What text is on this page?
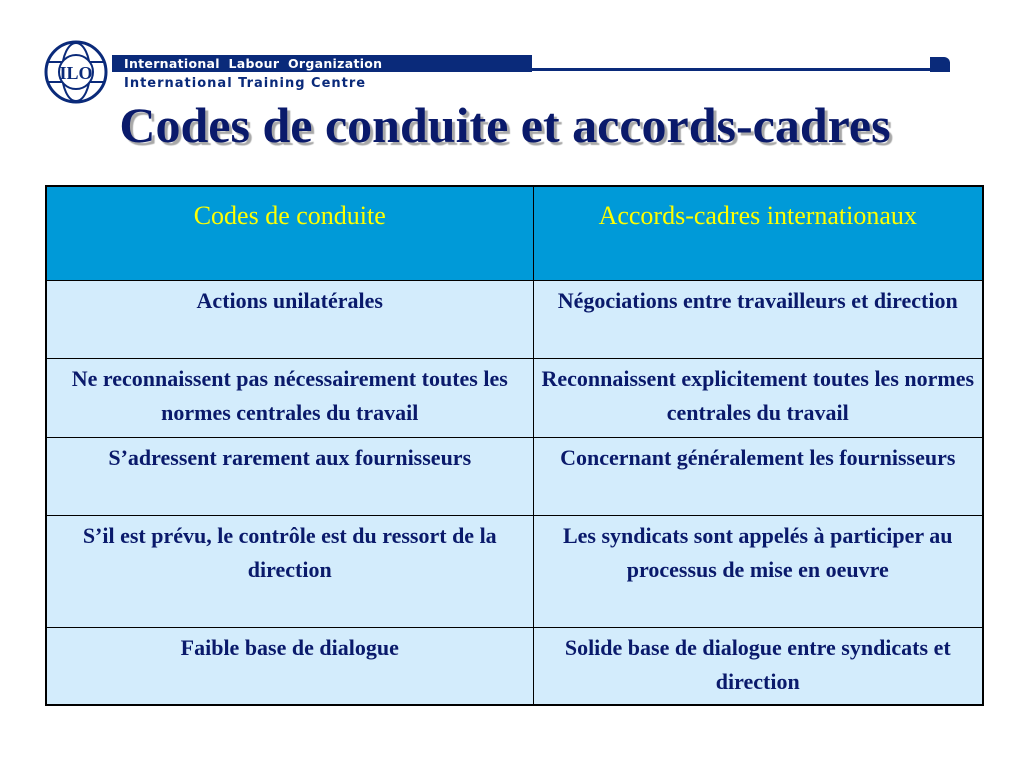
ILO	International Labour Organization
International Training Centre
Codes de conduite et accords-cadres
Codes de conduite	Accords-cadres internationaux
Actions unilatérales	Négociations entre travailleurs et direction
Ne reconnaissent pas nécessairement toutes les normes centrales du travail	Reconnaissent explicitement toutes les normes centrales du travail
S’adressent rarement aux fournisseurs	Concernant généralement les fournisseurs
S’il est prévu, le contrôle est du ressort de la direction	Les syndicats sont appelés à participer au processus de mise en oeuvre
Faible base de dialogue	Solide base de dialogue entre syndicats et direction
